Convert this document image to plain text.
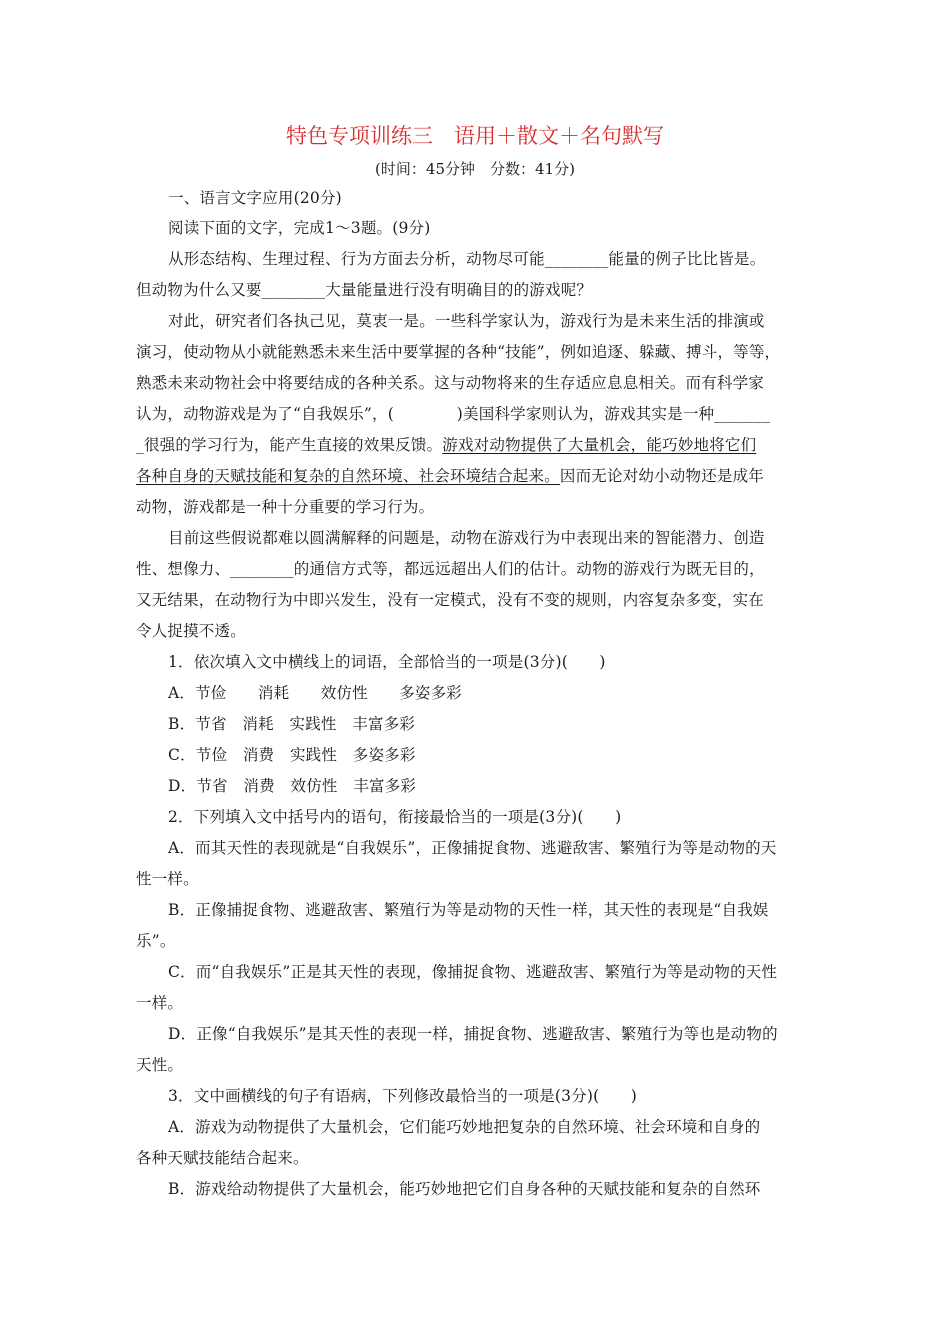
特色专项训练三　语用＋散文＋名句默写
(时间：45分钟　分数：41分)
一、语言文字应用(20分)
阅读下面的文字，完成1～3题。(9分)
从形态结构、生理过程、行为方面去分析，动物尽可能________能量的例子比比皆是。
但动物为什么又要________大量能量进行没有明确目的的游戏呢？
对此，研究者们各执己见，莫衷一是。一些科学家认为，游戏行为是未来生活的排演或
演习，使动物从小就能熟悉未来生活中要掌握的各种“技能”，例如追逐、躲藏、搏斗，等等，
熟悉未来动物社会中将要结成的各种关系。这与动物将来的生存适应息息相关。而有科学家
认为，动物游戏是为了“自我娱乐”，(　　　　)美国科学家则认为，游戏其实是一种_______
_很强的学习行为，能产生直接的效果反馈。游戏对动物提供了大量机会，能巧妙地将它们
各种自身的天赋技能和复杂的自然环境、社会环境结合起来。因而无论对幼小动物还是成年
动物，游戏都是一种十分重要的学习行为。
目前这些假说都难以圆满解释的问题是，动物在游戏行为中表现出来的智能潜力、创造
性、想像力、________的通信方式等，都远远超出人们的估计。动物的游戏行为既无目的，
又无结果，在动物行为中即兴发生，没有一定模式，没有不变的规则，内容复杂多变，实在
令人捉摸不透。
1．依次填入文中横线上的词语，全部恰当的一项是(3分)(　　)
A．节俭　　消耗　　效仿性　　多姿多彩
B．节省　消耗　实践性　丰富多彩
C．节俭　消费　实践性　多姿多彩
D．节省　消费　效仿性　丰富多彩
2．下列填入文中括号内的语句，衔接最恰当的一项是(3分)(　　)
A．而其天性的表现就是“自我娱乐”，正像捕捉食物、逃避敌害、繁殖行为等是动物的天
性一样。
B．正像捕捉食物、逃避敌害、繁殖行为等是动物的天性一样，其天性的表现是“自我娱
乐”。
C．而“自我娱乐”正是其天性的表现，像捕捉食物、逃避敌害、繁殖行为等是动物的天性
一样。
D．正像“自我娱乐”是其天性的表现一样，捕捉食物、逃避敌害、繁殖行为等也是动物的
天性。
3．文中画横线的句子有语病，下列修改最恰当的一项是(3分)(　　)
A．游戏为动物提供了大量机会，它们能巧妙地把复杂的自然环境、社会环境和自身的
各种天赋技能结合起来。
B．游戏给动物提供了大量机会，能巧妙地把它们自身各种的天赋技能和复杂的自然环
